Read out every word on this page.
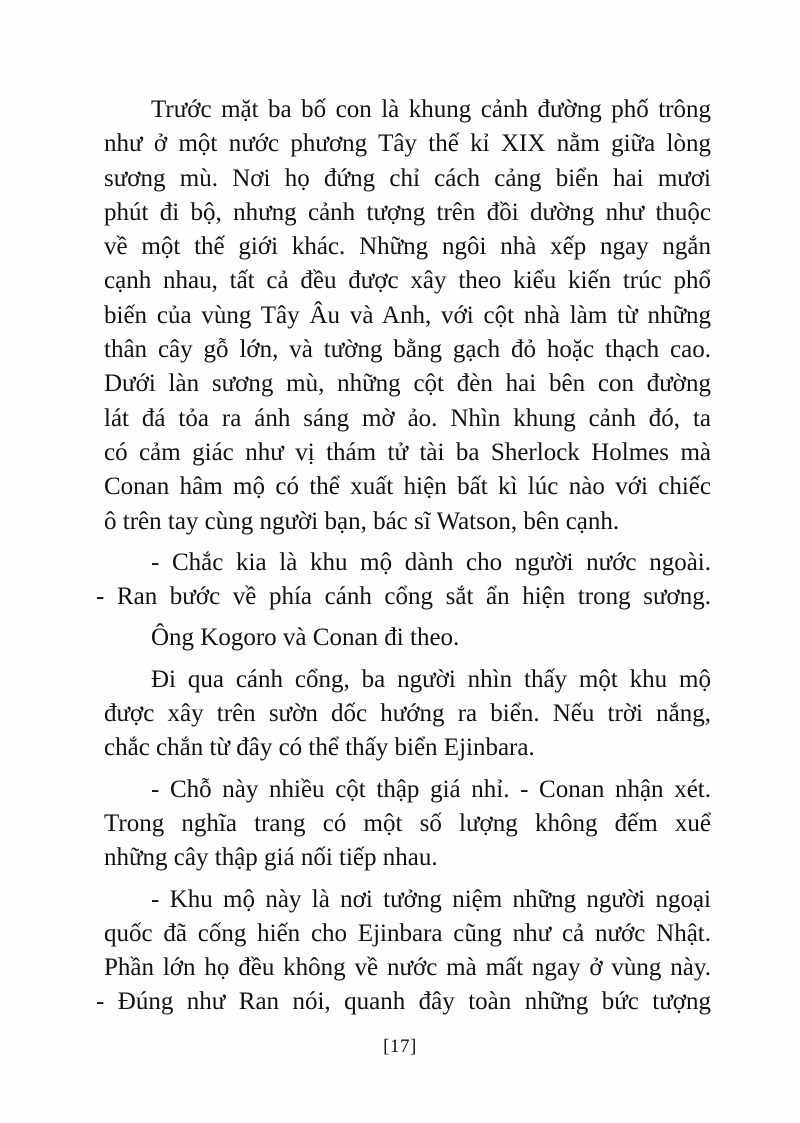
Trước mặt ba bố con là khung cảnh đường phố trông
như ở một nước phương Tây thế kỉ XIX nằm giữa lòng
sương mù. Nơi họ đứng chỉ cách cảng biển hai mươi
phút đi bộ, nhưng cảnh tượng trên đồi dường như thuộc
về một thế giới khác. Những ngôi nhà xếp ngay ngắn
cạnh nhau, tất cả đều được xây theo kiểu kiến trúc phổ
biến của vùng Tây Âu và Anh, với cột nhà làm từ những
thân cây gỗ lớn, và tường bằng gạch đỏ hoặc thạch cao.
Dưới làn sương mù, những cột đèn hai bên con đường
lát đá tỏa ra ánh sáng mờ ảo. Nhìn khung cảnh đó, ta
có cảm giác như vị thám tử tài ba Sherlock Holmes mà
Conan hâm mộ có thể xuất hiện bất kì lúc nào với chiếc
ô trên tay cùng người bạn, bác sĩ Watson, bên cạnh.
- Chắc kia là khu mộ dành cho người nước ngoài.
- Ran bước về phía cánh cổng sắt ẩn hiện trong sương.
Ông Kogoro và Conan đi theo.
Đi qua cánh cổng, ba người nhìn thấy một khu mộ
được xây trên sườn dốc hướng ra biển. Nếu trời nắng,
chắc chắn từ đây có thể thấy biển Ejinbara.
- Chỗ này nhiều cột thập giá nhỉ. - Conan nhận xét.
Trong nghĩa trang có một số lượng không đếm xuể
những cây thập giá nối tiếp nhau.
- Khu mộ này là nơi tưởng niệm những người ngoại
quốc đã cống hiến cho Ejinbara cũng như cả nước Nhật.
Phần lớn họ đều không về nước mà mất ngay ở vùng này.
- Đúng như Ran nói, quanh đây toàn những bức tượng
[17]
